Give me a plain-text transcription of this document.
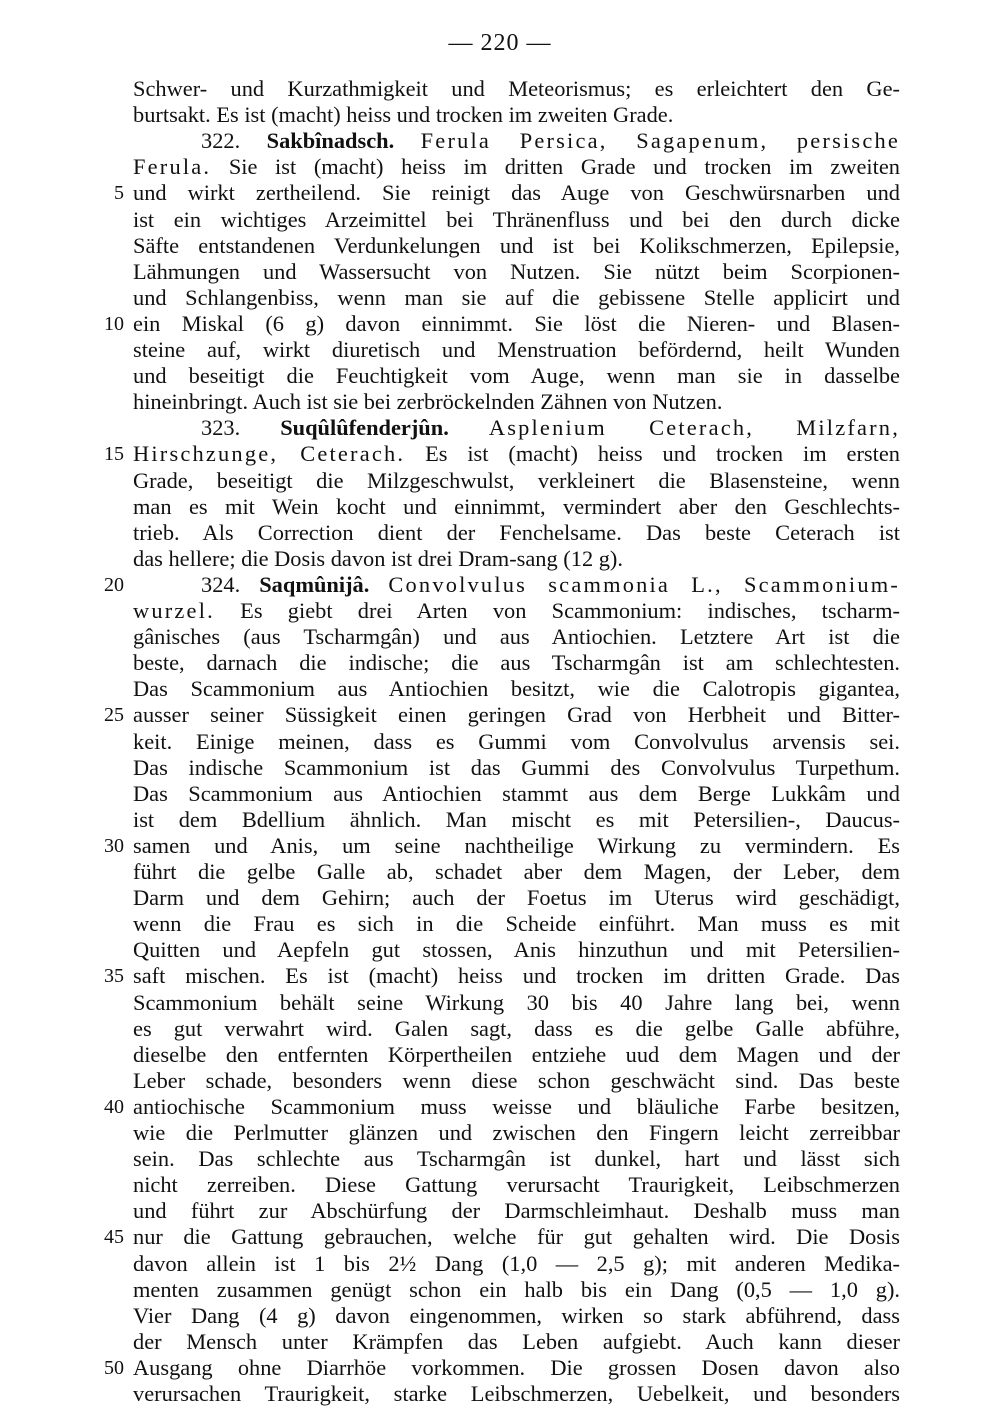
— 220 —
Schwer- und Kurzathmigkeit und Meteorismus; es erleichtert den Ge-
burtsakt. Es ist (macht) heiss und trocken im zweiten Grade.
322. Sakbînadsch. Ferula Persica, Sagapenum, persische
Ferula. Sie ist (macht) heiss im dritten Grade und trocken im zweiten
und wirkt zertheilend. Sie reinigt das Auge von Geschwürsnarben und
5
ist ein wichtiges Arzeimittel bei Thränenfluss und bei den durch dicke
Säfte entstandenen Verdunkelungen und ist bei Kolikschmerzen, Epilepsie,
Lähmungen und Wassersucht von Nutzen. Sie nützt beim Scorpionen-
und Schlangenbiss, wenn man sie auf die gebissene Stelle applicirt und
ein Miskal (6 g) davon einnimmt. Sie löst die Nieren- und Blasen-
10
steine auf, wirkt diuretisch und Menstruation befördernd, heilt Wunden
und beseitigt die Feuchtigkeit vom Auge, wenn man sie in dasselbe
hineinbringt. Auch ist sie bei zerbröckelnden Zähnen von Nutzen.
323. Suqûlûfenderjûn. Asplenium Ceterach, Milzfarn,
Hirschzunge, Ceterach. Es ist (macht) heiss und trocken im ersten
15
Grade, beseitigt die Milzgeschwulst, verkleinert die Blasensteine, wenn
man es mit Wein kocht und einnimmt, vermindert aber den Geschlechts-
trieb. Als Correction dient der Fenchelsame. Das beste Ceterach ist
das hellere; die Dosis davon ist drei Dram-sang (12 g).
324. Saqmûnijâ. Convolvulus scammonia L., Scammonium-
20
wurzel. Es giebt drei Arten von Scammonium: indisches, tscharm-
gânisches (aus Tscharmgân) und aus Antiochien. Letztere Art ist die
beste, darnach die indische; die aus Tscharmgân ist am schlechtesten.
Das Scammonium aus Antiochien besitzt, wie die Calotropis gigantea,
ausser seiner Süssigkeit einen geringen Grad von Herbheit und Bitter-
25
keit. Einige meinen, dass es Gummi vom Convolvulus arvensis sei.
Das indische Scammonium ist das Gummi des Convolvulus Turpethum.
Das Scammonium aus Antiochien stammt aus dem Berge Lukkâm und
ist dem Bdellium ähnlich. Man mischt es mit Petersilien-, Daucus-
samen und Anis, um seine nachtheilige Wirkung zu vermindern. Es
30
führt die gelbe Galle ab, schadet aber dem Magen, der Leber, dem
Darm und dem Gehirn; auch der Foetus im Uterus wird geschädigt,
wenn die Frau es sich in die Scheide einführt. Man muss es mit
Quitten und Aepfeln gut stossen, Anis hinzuthun und mit Petersilien-
saft mischen. Es ist (macht) heiss und trocken im dritten Grade. Das
35
Scammonium behält seine Wirkung 30 bis 40 Jahre lang bei, wenn
es gut verwahrt wird. Galen sagt, dass es die gelbe Galle abführe,
dieselbe den entfernten Körpertheilen entziehe uud dem Magen und der
Leber schade, besonders wenn diese schon geschwächt sind. Das beste
antiochische Scammonium muss weisse und bläuliche Farbe besitzen,
40
wie die Perlmutter glänzen und zwischen den Fingern leicht zerreibbar
sein. Das schlechte aus Tscharmgân ist dunkel, hart und lässt sich
nicht zerreiben. Diese Gattung verursacht Traurigkeit, Leibschmerzen
und führt zur Abschürfung der Darmschleimhaut. Deshalb muss man
nur die Gattung gebrauchen, welche für gut gehalten wird. Die Dosis
45
davon allein ist 1 bis 2½ Dang (1,0 — 2,5 g); mit anderen Medika-
menten zusammen genügt schon ein halb bis ein Dang (0,5 — 1,0 g).
Vier Dang (4 g) davon eingenommen, wirken so stark abführend, dass
der Mensch unter Krämpfen das Leben aufgiebt. Auch kann dieser
Ausgang ohne Diarrhöe vorkommen. Die grossen Dosen davon also
50
verursachen Traurigkeit, starke Leibschmerzen, Uebelkeit, und besonders
